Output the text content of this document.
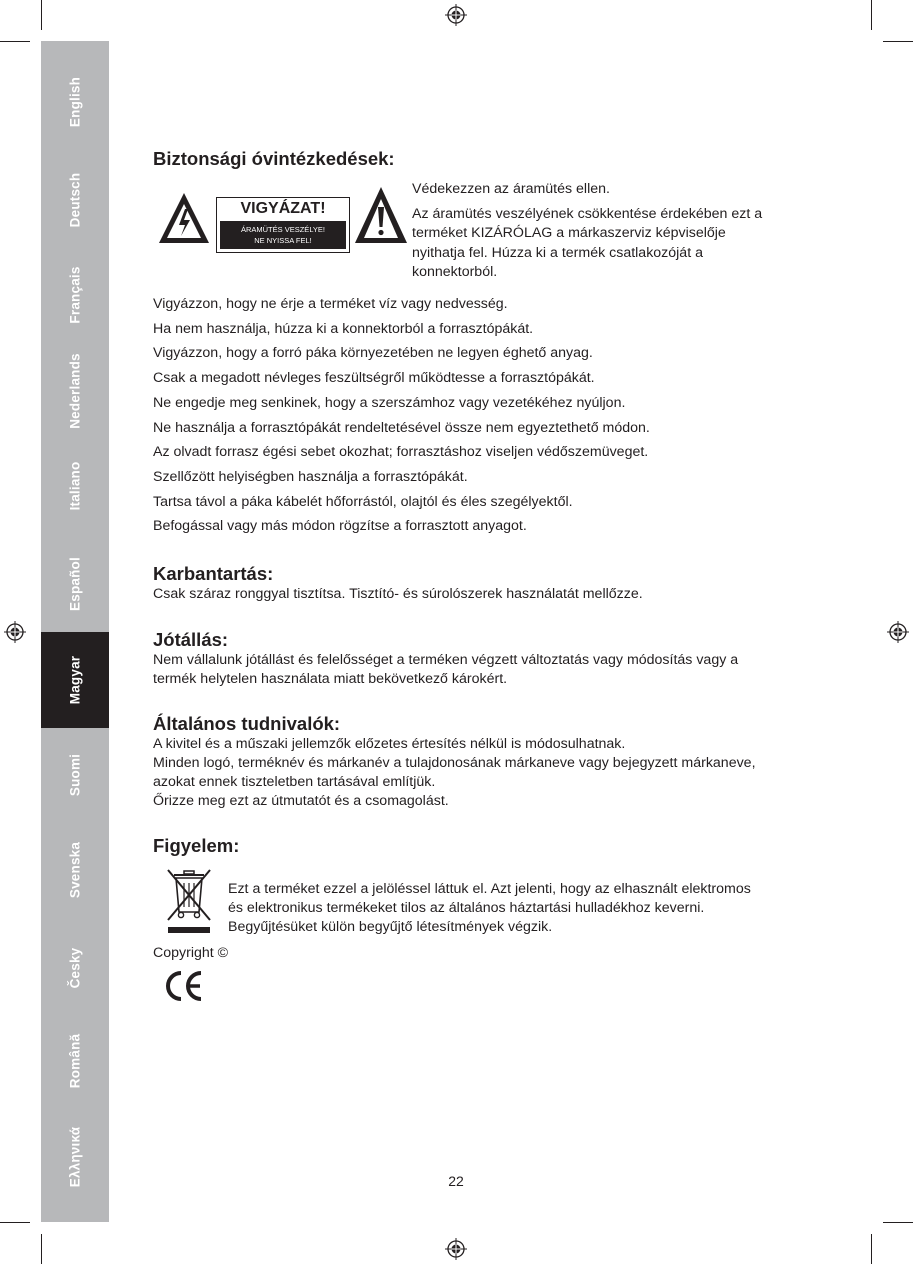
English
Deutsch
Français
Nederlands
Italiano
Español
Magyar
Suomi
Svenska
Česky
Română
Ελληνικά
Biztonsági óvintézkedések:
VIGYÁZAT!
ÁRAMÜTÉS VESZÉLYE!
NE NYISSA FEL!

Védekezzen az áramütés ellen.

Az áramütés veszélyének csökkentése érdekében ezt a terméket KIZÁRÓLAG a márkaszerviz képviselője nyithatja fel. Húzza ki a termék csatlakozóját a konnektorból.

Vigyázzon, hogy ne érje a terméket víz vagy nedvesség.

Ha nem használja, húzza ki a konnektorból a forrasztópákát.

Vigyázzon, hogy a forró páka környezetében ne legyen éghető anyag.

Csak a megadott névleges feszültségről működtesse a forrasztópákát.

Ne engedje meg senkinek, hogy a szerszámhoz vagy vezetékéhez nyúljon.

Ne használja a forrasztópákát rendeltetésével össze nem egyeztethető módon.

Az olvadt forrasz égési sebet okozhat; forrasztáshoz viseljen védőszemüveget.

Szellőzött helyiségben használja a forrasztópákát.

Tartsa távol a páka kábelét hőforrástól, olajtól és éles szegélyektől.

Befogással vagy más módon rögzítse a forrasztott anyagot.

Karbantartás:

Csak száraz ronggyal tisztítsa. Tisztító- és súrolószerek használatát mellőzze.

Jótállás:

Nem vállalunk jótállást és felelősséget a terméken végzett változtatás vagy módosítás vagy a termék helytelen használata miatt bekövetkező károkért.

Általános tudnivalók:

A kivitel és a műszaki jellemzők előzetes értesítés nélkül is módosulhatnak.

Minden logó, terméknév és márkanév a tulajdonosának márkaneve vagy bejegyzett márkaneve, azokat ennek tiszteletben tartásával említjük.

Őrizze meg ezt az útmutatót és a csomagolást.

Figyelem:

Ezt a terméket ezzel a jelöléssel láttuk el. Azt jelenti, hogy az elhasznált elektromos és elektronikus termékeket tilos az általános háztartási hulladékhoz keverni. Begyűjtésüket külön begyűjtő létesítmények végzik.

Copyright ©

22
